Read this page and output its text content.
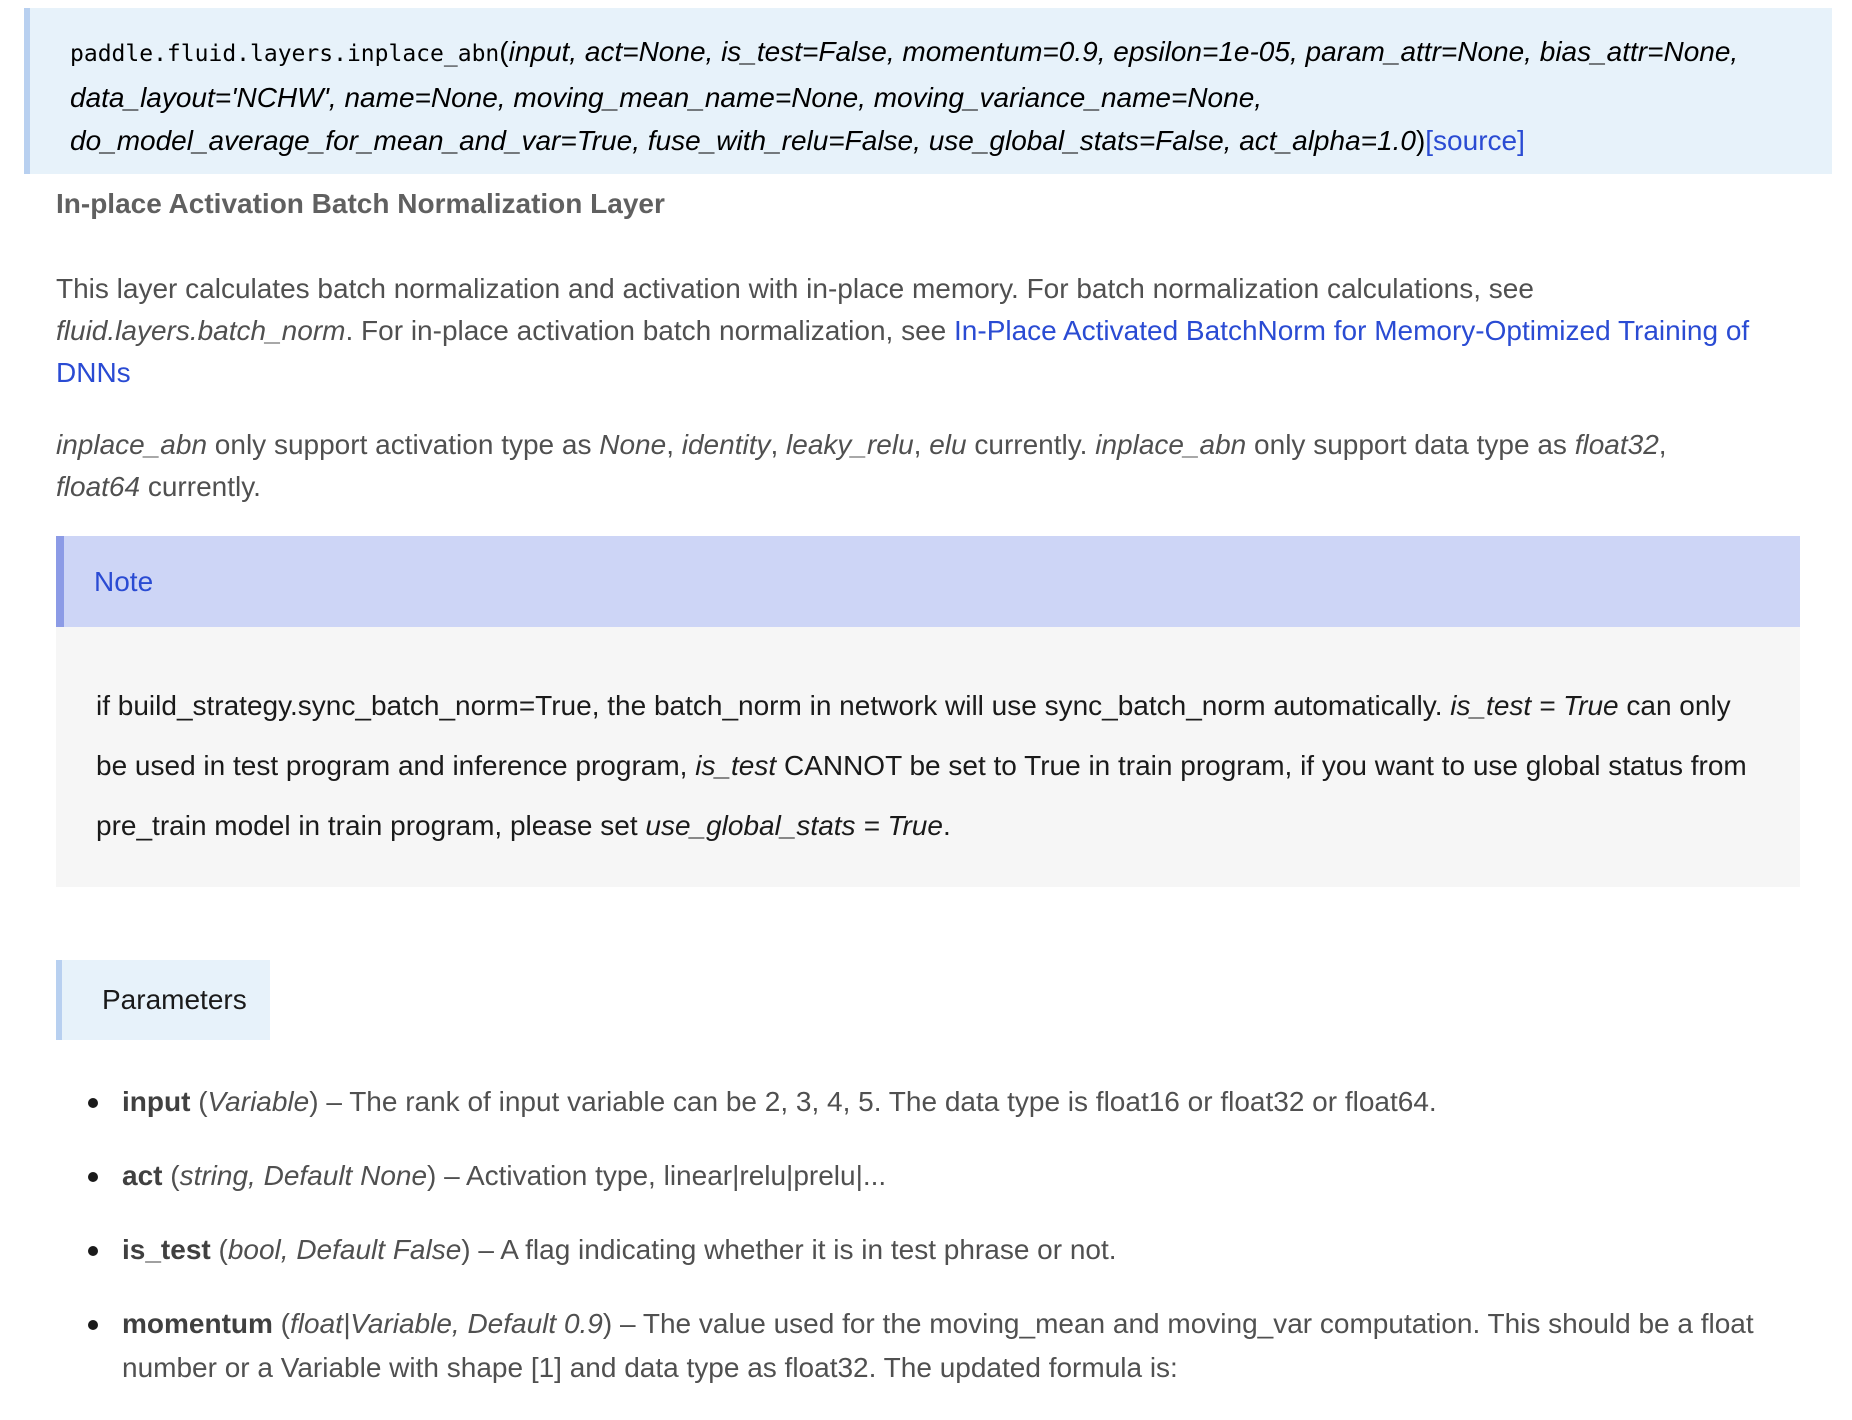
paddle.fluid.layers.inplace_abn(input, act=None, is_test=False, momentum=0.9, epsilon=1e-05, param_attr=None, bias_attr=None,
data_layout='NCHW', name=None, moving_mean_name=None, moving_variance_name=None,
do_model_average_for_mean_and_var=True, fuse_with_relu=False, use_global_stats=False, act_alpha=1.0)[source]
In-place Activation Batch Normalization Layer
This layer calculates batch normalization and activation with in-place memory. For batch normalization calculations, see
fluid.layers.batch_norm. For in-place activation batch normalization, see In-Place Activated BatchNorm for Memory-Optimized Training of DNNs
inplace_abn only support activation type as None, identity, leaky_relu, elu currently. inplace_abn only support data type as float32,
float64 currently.
Note
if build_strategy.sync_batch_norm=True, the batch_norm in network will use sync_batch_norm automatically. is_test = True can only be used in test program and inference program, is_test CANNOT be set to True in train program, if you want to use global status from pre_train model in train program, please set use_global_stats = True.
Parameters
input (Variable) – The rank of input variable can be 2, 3, 4, 5. The data type is float16 or float32 or float64.
act (string, Default None) – Activation type, linear|relu|prelu|...
is_test (bool, Default False) – A flag indicating whether it is in test phrase or not.
momentum (float|Variable, Default 0.9) – The value used for the moving_mean and moving_var computation. This should be a float number or a Variable with shape [1] and data type as float32. The updated formula is:
